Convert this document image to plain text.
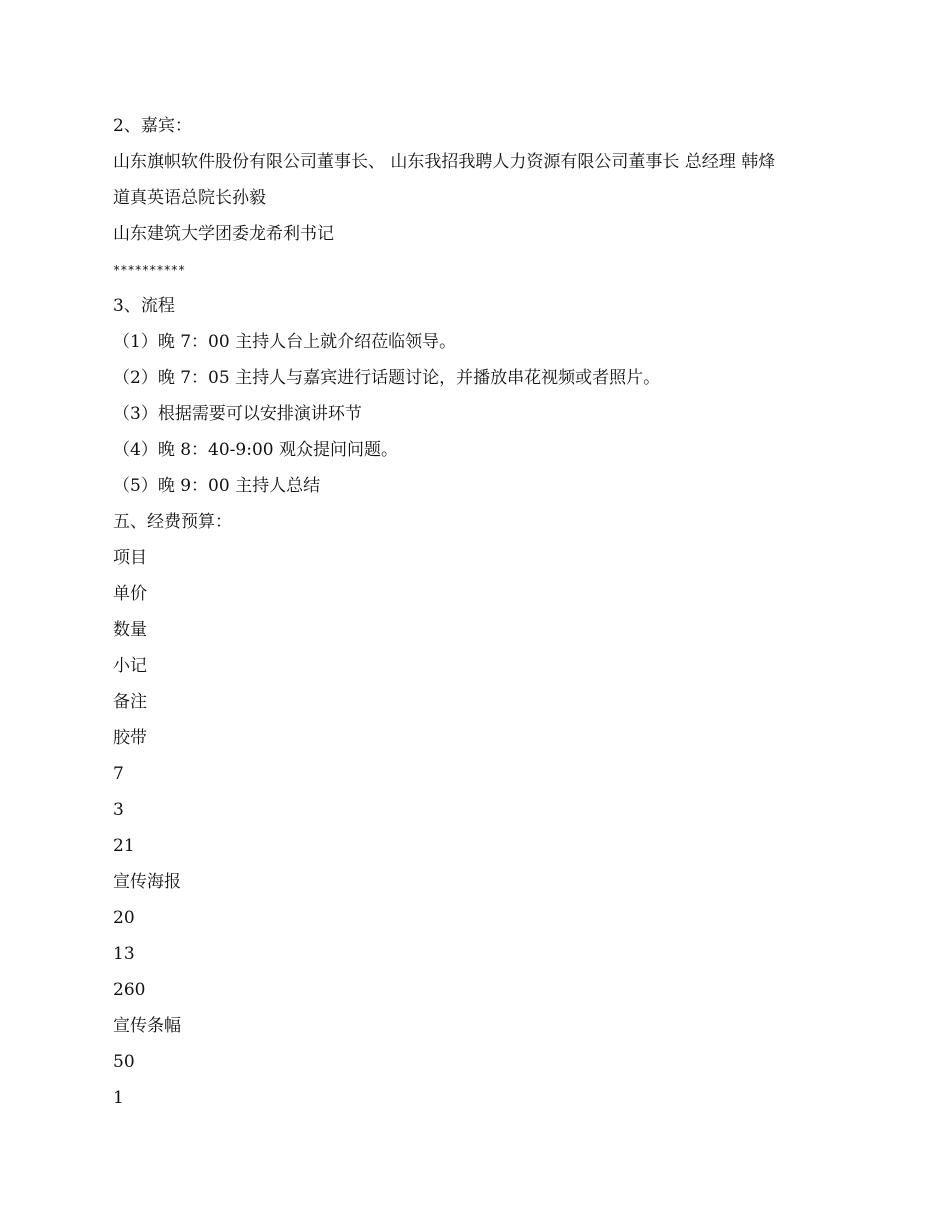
2、嘉宾：
山东旗帜软件股份有限公司董事长、 山东我招我聘人力资源有限公司董事长 总经理 韩烽
道真英语总院长孙毅
山东建筑大学团委龙希利书记
**********
3、流程
（1）晚 7：00 主持人台上就介绍莅临领导。
（2）晚 7：05 主持人与嘉宾进行话题讨论，并播放串花视频或者照片。
（3）根据需要可以安排演讲环节
（4）晚 8：40-9:00 观众提问问题。
（5）晚 9：00 主持人总结
五、经费预算：
项目
单价
数量
小记
备注
胶带
7
3
21
宣传海报
20
13
260
宣传条幅
50
1
